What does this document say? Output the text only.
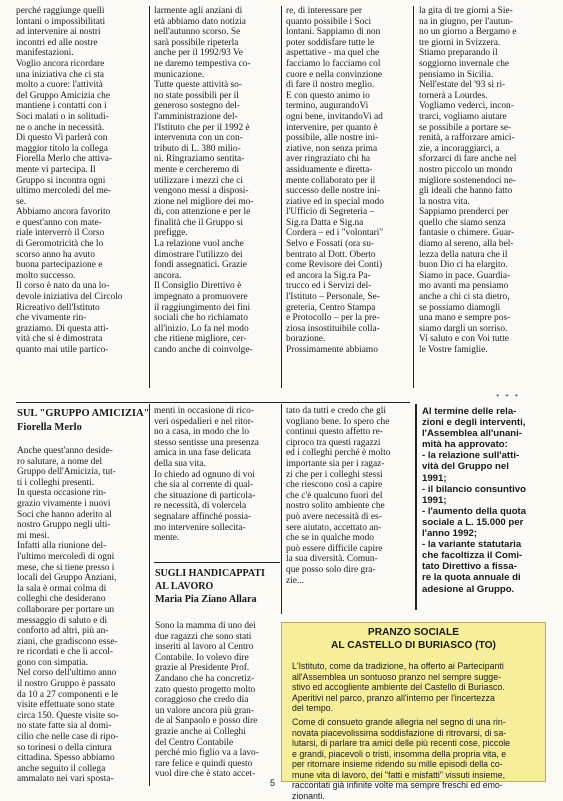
perché raggiunge quelli
lontani o impossibilitati
ad intervenire ai nostri
incontri ed alle nostre
manifestazioni.
Voglio ancora ricordare
una iniziativa che ci sta
molto a cuore: l'attività
del Gruppo Amicizia che
mantiene i contatti con i
Soci malati o in solitudi-
ne o anche in necessità.
Di questo Vi parlerà con
maggior titolo la collega
Fiorella Merlo che attiva-
mente vi partecipa. Il
Gruppo si incontra ogni
ultimo mercoledì del me-
se.
Abbiamo ancora favorito
e quest'anno con mate-
riale interverrò il Corso
di Geromotricità che lo
scorso anno ha avuto
buona partecipazione e
molto successo.
Il corso è nato da una lo-
devole iniziativa del Circolo
Ricreativo dell'Istituto
che vivamente rin-
graziamo. Di questa atti-
vità che si è dimostrata
quanto mai utile partico-
larmente agli anziani di
età abbiamo dato notizia
nell'autunno scorso. Se
sarà possibile ripeterla
anche per il 1992/93 Ve
ne daremo tempestiva co-
municazione.
Tutte queste attività so-
no state possibili per il
generoso sostegno del-
l'amministrazione del-
l'Istituto che per il 1992 è
intervenuta con un con-
tributo di L. 380 milio-
ni. Ringraziamo sentita-
mente e cercheremo di
utilizzare i mezzi che ci
vengono messi a disposi-
zione nel migliore dei mo-
di, con attenzione e per le
finalità che il Gruppo si
prefigge.
La relazione vuol anche
dimostrare l'utilizzo dei
fondi assegnatici. Grazie
ancora.
Il Consiglio Direttivo è
impegnato a promuovere
il raggiungimento dei fini
sociali che ho richiamato
all'inizio. Lo fa nel modo
che ritiene migliore, cer-
cando anche di coinvolge-
re, di interessare per
quanto possibile i Soci
lontani. Sappiamo di non
poter soddisfare tutte le
aspettative - ma quel che
facciamo lo facciamo col
cuore e nella convinzione
di fare il nostro meglio.
E con questo animo io
termino, augurandoVi
ogni bene, invitandoVi ad
intervenire, per quanto è
possibile, alle nostre ini-
ziative, non senza prima
aver ringraziato chi ha
assiduamente e diretta-
mente collaborato per il
successo delle nostre ini-
ziative ed in special modo
l'Ufficio di Segreteria –
Sig.ra Datta e Sig.na
Cordera – ed i "volontari"
Selvo e Fossati (ora su-
bentrato al Dott. Oberto
come Revisore dei Conti)
ed ancora la Sig.ra Pa-
trucco ed i Servizi del-
l'Istituto – Personale, Se-
greteria, Centro Stampa
e Protocollo – per la pre-
ziosa insostituibile colla-
borazione.
Prossimamente abbiamo
la gita di tre giorni a Sie-
na in giugno, per l'autun-
no un giorno a Bergamo e
tre giorni in Svizzera.
Stiamo preparando il
soggiorno invernale che
pensiamo in Sicilia.
Nell'estate del '93 si ri-
tornerà a Lourdes.
Vogliamo vederci, incon-
trarci, vogliamo aiutare
se possibile a portare se-
renità, a rafforzare amici-
zie, a incoraggiarci, a
sforzarci di fare anche nel
nostro piccolo un mondo
migliore sostenendoci ne-
gli ideali che hanno fatto
la nostra vita.
Sappiamo prenderci per
quello che siamo senza
fantasie o chimere. Guar-
diamo al sereno, alla bel-
lezza della natura che il
buon Dio ci ha elargito.
Siamo in pace. Guardia-
mo avanti ma pensiamo
anche a chi ci sta dietro,
se possiamo diamogli
una mano e sempre pos-
siamo dargli un sorriso.
Vi saluto e con Voi tutte
le Vostre famiglie.
* * *
SUL "GRUPPO AMICIZIA"
Fiorella Merlo
Anche quest'anno deside-
ro salutare, a nome del
Gruppo dell'Amicizia, tut-
ti i colleghi presenti.
In questa occasione rin-
grazio vivamente i nuovi
Soci che hanno aderito al
nostro Gruppo negli ulti-
mi mesi.
Infatti alla riunione del-
l'ultimo mercoledì di ogni
mese, che si tiene presso i
locali del Gruppo Anziani,
la sala è ormai colma di
colleghi che desiderano
collaborare per portare un
messaggio di saluto e di
conforto ad altri, più an-
ziani, che gradiscono esse-
re ricordati e che li accol-
gono con simpatia.
Nel corso dell'ultimo anno
il nostro Gruppo è passato
da 10 a 27 componenti e le
visite effettuate sono state
circa 150. Queste visite so-
no state fatte sia al domi-
cilio che nelle case di ripo-
so torinesi o della cintura
cittadina. Spesso abbiamo
anche seguito il collega
ammalato nei vari sposta-
menti in occasione di rico-
veri ospedalieri e nel ritor-
no a casa, in modo che lo
stesso sentisse una presenza
amica in una fase delicata
della sua vita.
Io chiedo ad ognuno di voi
che sia al corrente di qual-
che situazione di particola-
re necessità, di volercela
segnalare affinché possia-
mo intervenire sollecita-
mente.
tato da tutti e credo che gli
vogliano bene. Io spero che
continui questo affetto re-
ciproco tra questi ragazzi
ed i colleghi perché è molto
importante sia per i ragaz-
zi che per i colleghi stessi
che riescono così a capire
che c'è qualcuno fuori del
nostro solito ambiente che
può avere necessità di es-
sere aiutato, accettato an-
che se in qualche modo
può essere difficile capire
la sua diversità. Comun-
que posso solo dire gra-
zie...
SUGLI HANDICAPPATI
AL LAVORO
Maria Pia Ziano Allara
Sono la mamma di uno dei
due ragazzi che sono stati
inseriti al lavoro al Centro
Contabile. Io volevo dire
grazie al Presidente Prof.
Zandano che ha concretiz-
zato questo progetto molto
coraggioso che credo dia
un valore ancora più gran-
de al Sanpaolo e posso dire
grazie anche ai Colleghi
del Centro Contabile
perché mio figlio va a lavo-
rare felice e quindi questo
vuol dire che è stato accet-
Al termine delle rela-
zioni e degli interventi,
l'Assemblea all'unani-
mità ha approvato:
- la relazione sull'atti-
vità del Gruppo nel
1991;
- il bilancio consuntivo
1991;
- l'aumento della quota
sociale a L. 15.000 per
l'anno 1992;
- la variante statutaria
che facoltizza il Comi-
tato Direttivo a fissa-
re la quota annuale di
adesione al Gruppo.
PRANZO SOCIALE
AL CASTELLO DI BURIASCO (TO)
L'Istituto, come da tradizione, ha offerto ai Partecipanti
all'Assemblea un sontuoso pranzo nel sempre sugge-
stivo ed accogliente ambiente del Castello di Buriasco.
Aperitivi nel parco, pranzo all'interno per l'incertezza
del tempo.
Come di consueto grande allegria nel segno di una rin-
novata piacevolissima soddisfazione di ritrovarsi, di sa-
lutarsi, di parlare tra amici delle più recenti cose, piccole
e grandi, piacevoli o tristi, insomma della propria vita, e
per ritornare insieme ridendo su mille episodi della co-
mune vita di lavoro, dei "fatti e misfatti" vissuti insieme,
raccontati già infinite volte ma sempre freschi ed emo-
zionanti.
5
